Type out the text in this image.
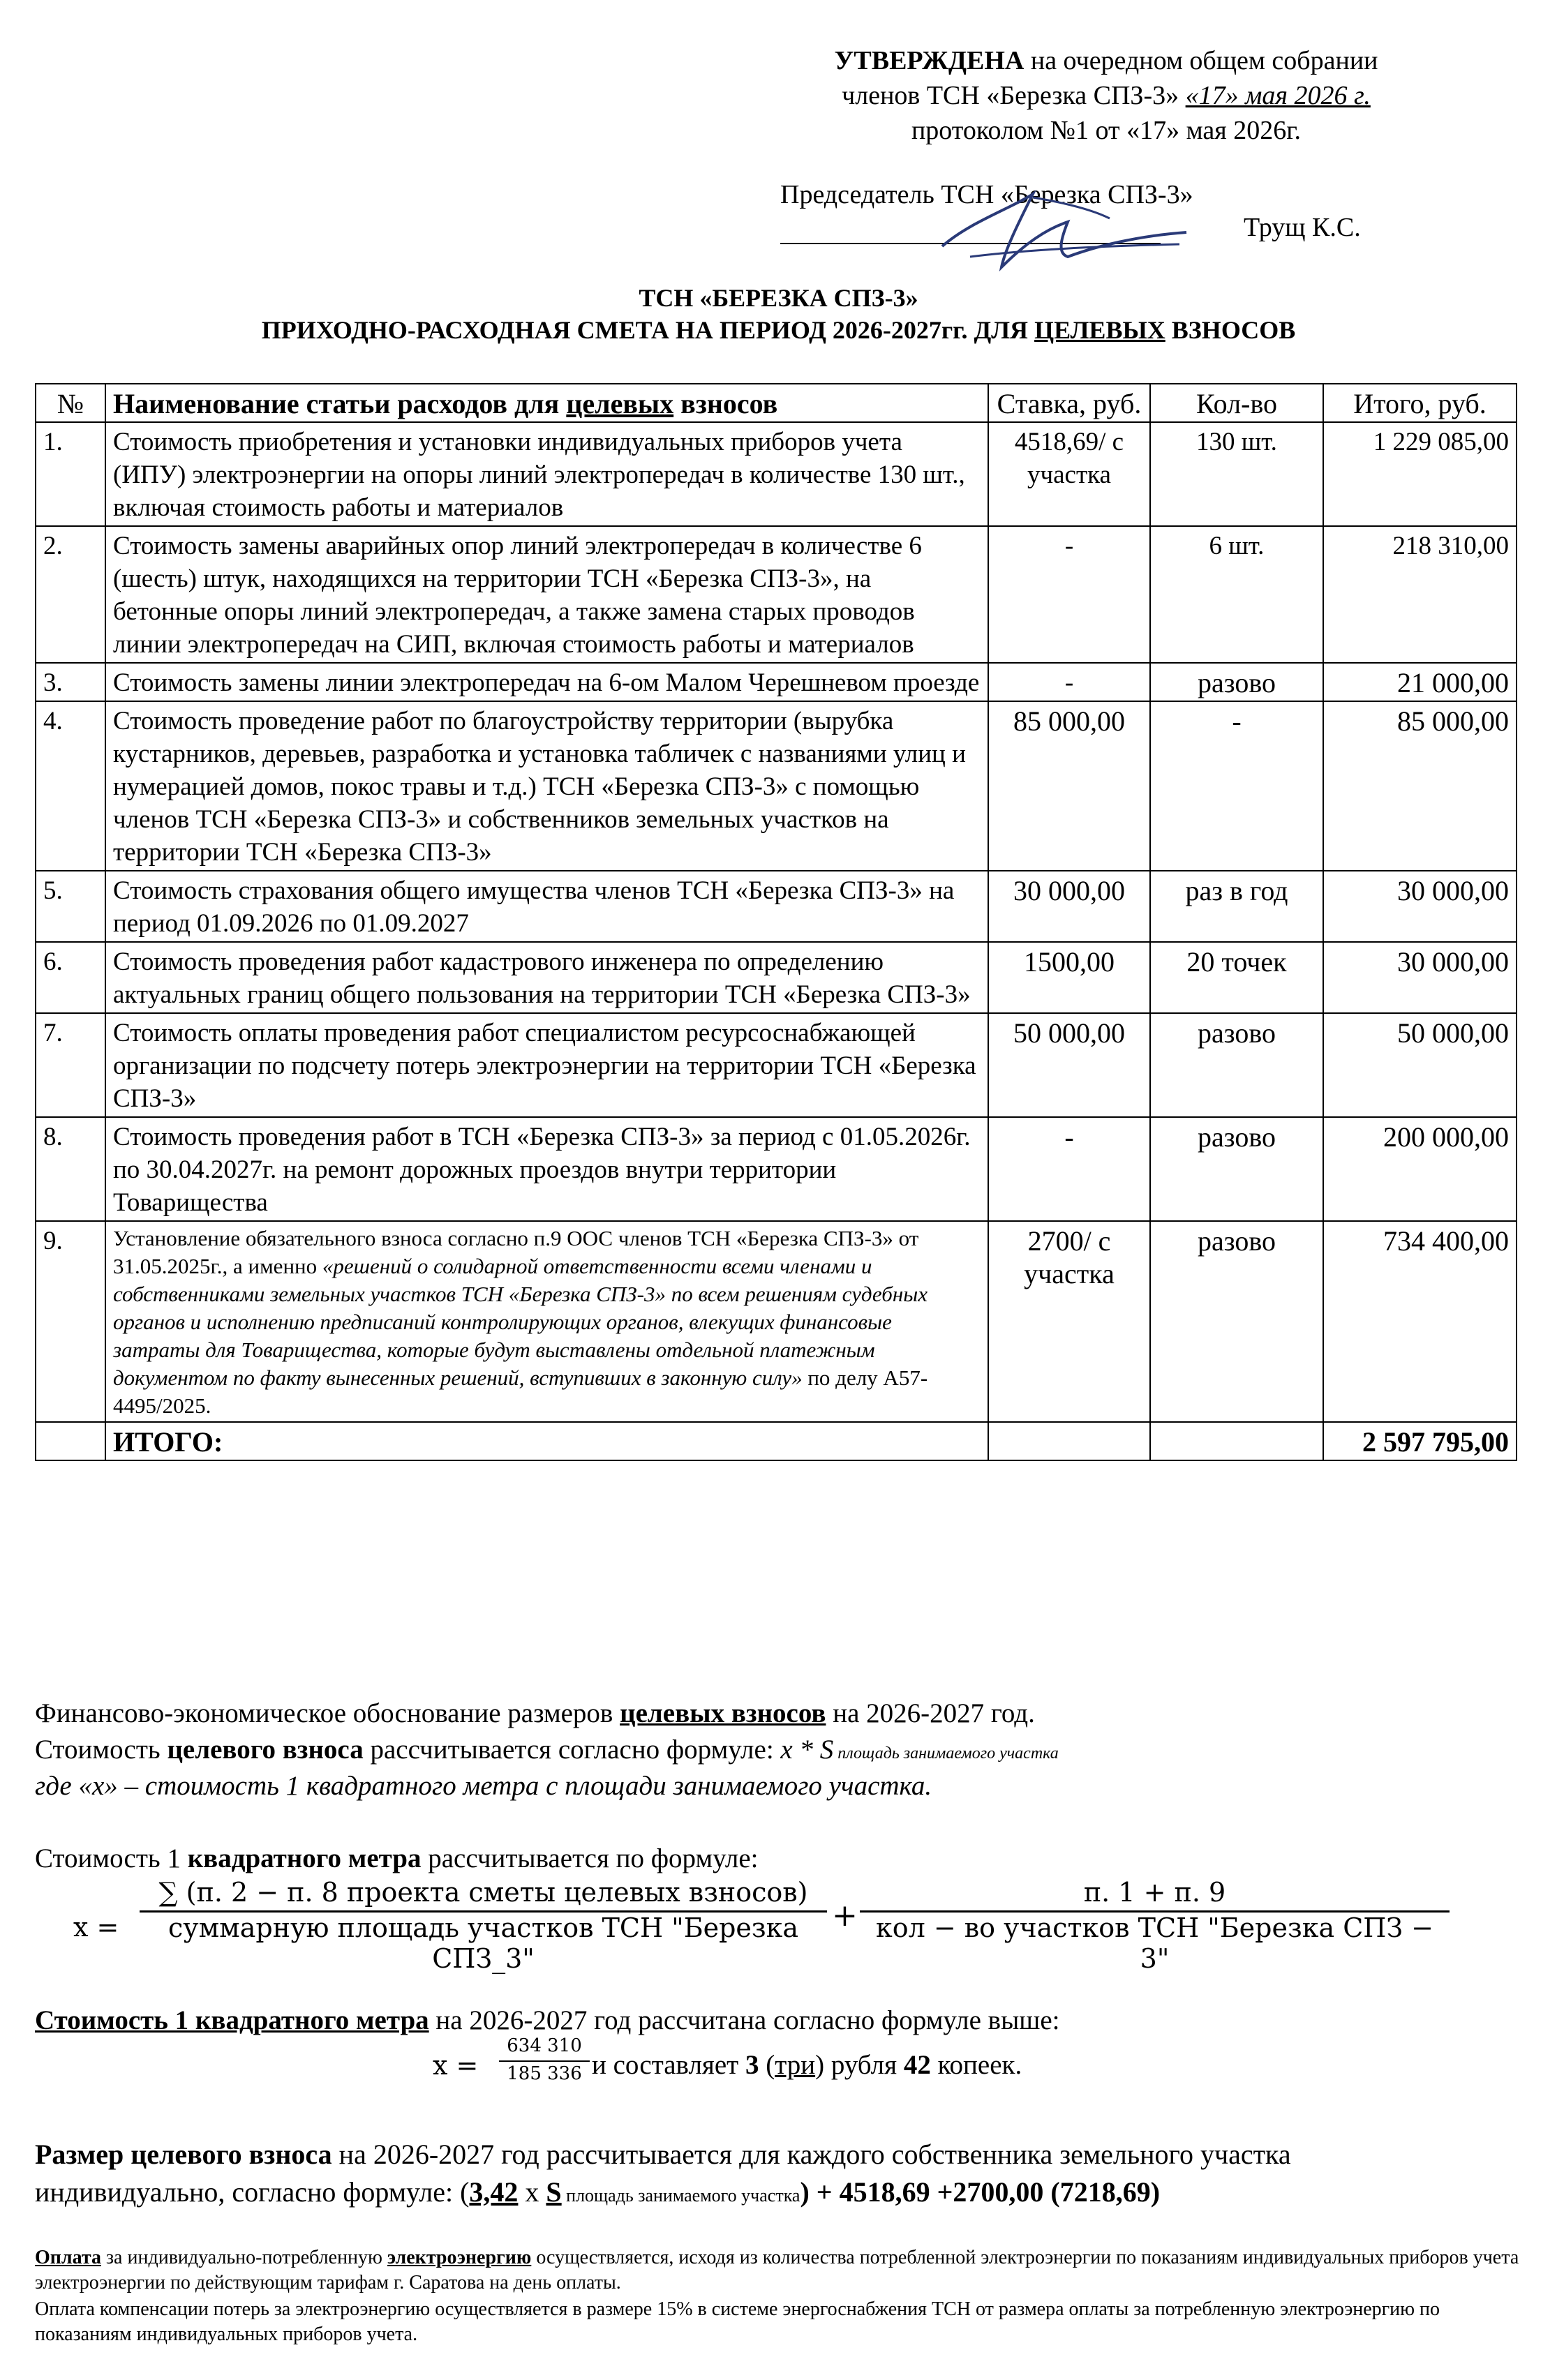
УТВЕРЖДЕНА на очередном общем собрании
членов ТСН «Березка СПЗ-3» «17» мая 2026 г.
протоколом №1 от «17» мая 2026г.
Председатель ТСН «Березка СПЗ-3»
Трущ К.С.
ТСН «БЕРЕЗКА СПЗ-3»
ПРИХОДНО-РАСХОДНАЯ СМЕТА НА ПЕРИОД 2026-2027гг. ДЛЯ ЦЕЛЕВЫХ ВЗНОСОВ
№	Наименование статьи расходов для целевых взносов	Ставка, руб.	Кол-во	Итого, руб.
1.	Стоимость приобретения и установки индивидуальных приборов учета (ИПУ) электроэнергии на опоры линий электропередач в количестве 130 шт., включая стоимость работы и материалов	4518,69/ с участка	130 шт.	1 229 085,00
2.	Стоимость замены аварийных опор линий электропередач в количестве 6 (шесть) штук, находящихся на территории ТСН «Березка СПЗ-3», на бетонные опоры линий электропередач, а также замена старых проводов линии электропередач на СИП, включая стоимость работы и материалов	-	6 шт.	218 310,00
3.	Стоимость замены линии электропередач на 6-ом Малом Черешневом проезде	-	разово	21 000,00
4.	Стоимость проведение работ по благоустройству территории (вырубка кустарников, деревьев, разработка и установка табличек с названиями улиц и нумерацией домов, покос травы и т.д.) ТСН «Березка СПЗ-3» с помощью членов ТСН «Березка СПЗ-3» и собственников земельных участков на территории ТСН «Березка СПЗ-3»	85 000,00	-	85 000,00
5.	Стоимость страхования общего имущества членов ТСН «Березка СПЗ-3» на период 01.09.2026 по 01.09.2027	30 000,00	раз в год	30 000,00
6.	Стоимость проведения работ кадастрового инженера по определению актуальных границ общего пользования на территории ТСН «Березка СПЗ-3»	1500,00	20 точек	30 000,00
7.	Стоимость оплаты проведения работ специалистом ресурсоснабжающей организации по подсчету потерь электроэнергии на территории ТСН «Березка СПЗ-3»	50 000,00	разово	50 000,00
8.	Стоимость проведения работ в ТСН «Березка СПЗ-3» за период с 01.05.2026г. по 30.04.2027г. на ремонт дорожных проездов внутри территории Товарищества	-	разово	200 000,00
9.	Установление обязательного взноса согласно п.9 ООС членов ТСН «Березка СПЗ-3» от 31.05.2025г., а именно «решений о солидарной ответственности всеми членами и собственниками земельных участков ТСН «Березка СПЗ-3» по всем решениям судебных органов и исполнению предписаний контролирующих органов, влекущих финансовые затраты для Товарищества, которые будут выставлены отдельной платежным документом по факту вынесенных решений, вступивших в законную силу» по делу А57-4495/2025.	2700/ с участка	разово	734 400,00
	ИТОГО:			2 597 795,00
Финансово-экономическое обоснование размеров целевых взносов на 2026-2027 год.
Стоимость целевого взноса рассчитывается согласно формуле: x * S площадь занимаемого участка
где «х» – стоимость 1 квадратного метра с площади занимаемого участка.
Стоимость 1 квадратного метра рассчитывается по формуле:
x =
∑ (п. 2 − п. 8 проекта сметы целевых взносов)
суммарную площадь участков ТСН "Березка СПЗ_3"
+
п. 1 + п. 9
кол − во участков ТСН "Березка СПЗ − 3"
Стоимость 1 квадратного метра на 2026-2027 год рассчитана согласно формуле выше:
$x = \frac{634 310}{185 336}$ и составляет 3 (три) рубля 42 копеек.
Размер целевого взноса на 2026-2027 год рассчитывается для каждого собственника земельного участка
индивидуально, согласно формуле: (3,42 x S площадь занимаемого участка) + 4518,69 +2700,00 (7218,69)
Оплата за индивидуально-потребленную электроэнергию осуществляется, исходя из количества потребленной электроэнергии по показаниям индивидуальных приборов учета электроэнергии по действующим тарифам г. Саратова на день оплаты.
Оплата компенсации потерь за электроэнергию осуществляется в размере 15% в системе энергоснабжения ТСН от размера оплаты за потребленную электроэнергию по показаниям индивидуальных приборов учета.
